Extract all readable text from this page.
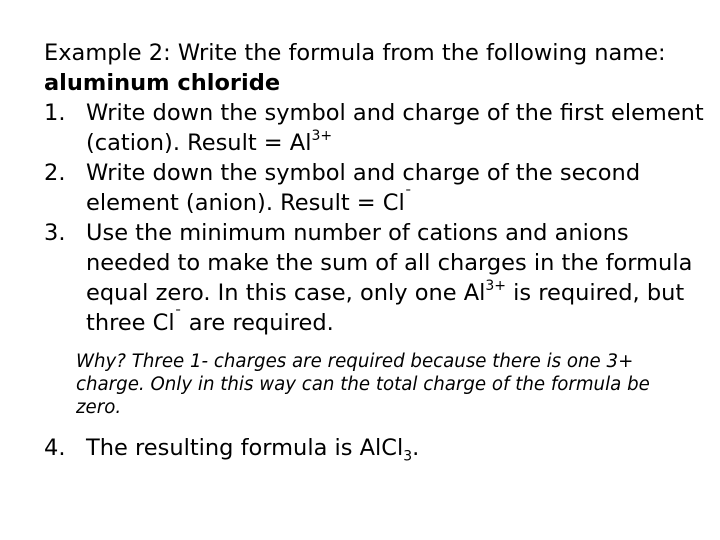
Example 2: Write the formula from the following name: aluminum chloride

1. Write down the symbol and charge of the first element (cation). Result = $Al^{3+}$

2. Write down the symbol and charge of the second element (anion). Result = $Cl^ˉ$

3. Use the minimum number of cations and anions needed to make the sum of all charges in the formula equal zero. In this case, only one $Al^{3+}$ is required, but three $Cl^ˉ$ are required.

Why? Three 1- charges are required because there is one 3+ charge. Only in this way can the total charge of the formula be zero.

4. The resulting formula is AlCl$_3$.
